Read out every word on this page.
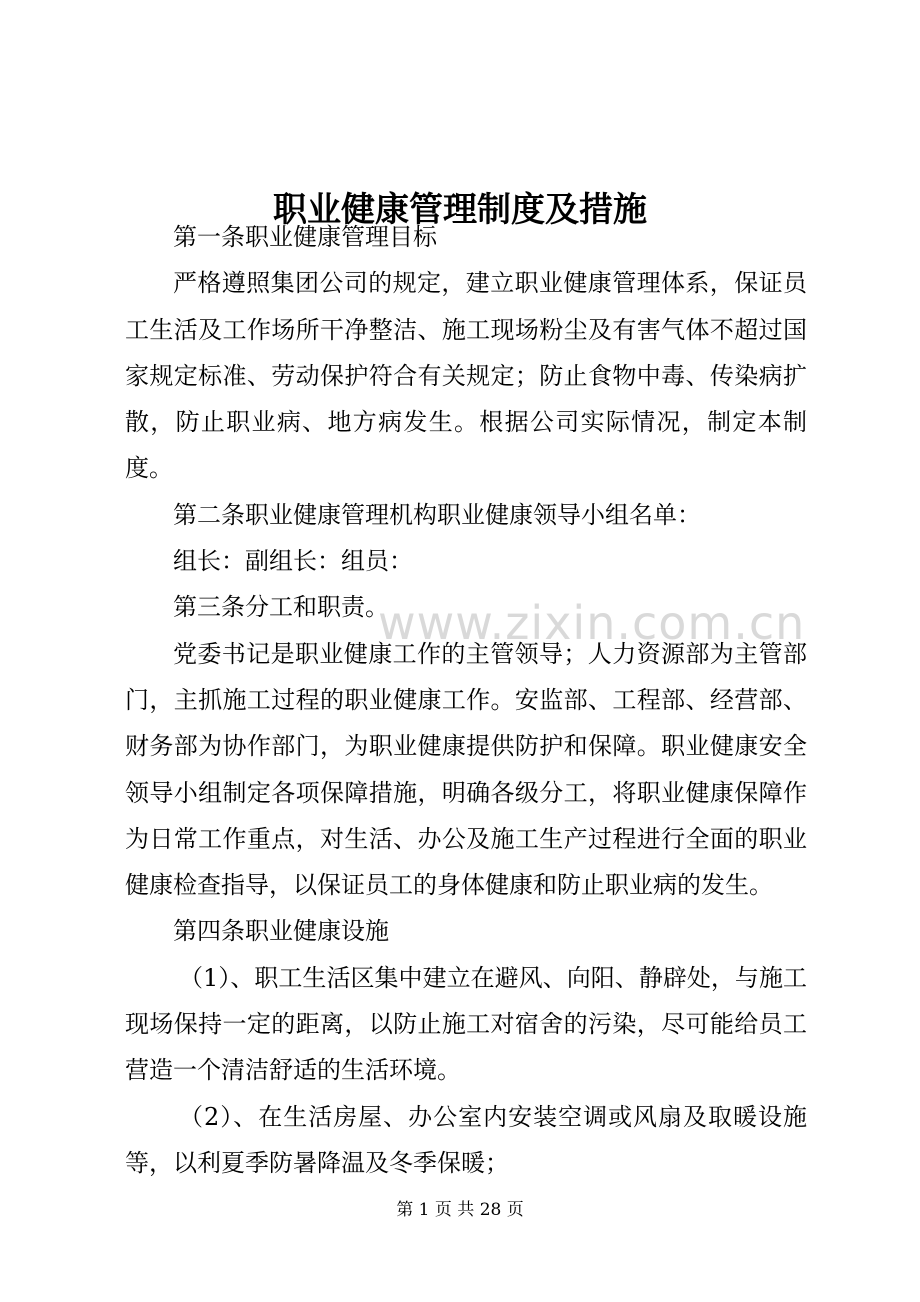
www.zixin.com.cn
职业健康管理制度及措施

第一条职业健康管理目标

严格遵照集团公司的规定，建立职业健康管理体系，保证员工生活及工作场所干净整洁、施工现场粉尘及有害气体不超过国家规定标准、劳动保护符合有关规定；防止食物中毒、传染病扩散，防止职业病、地方病发生。根据公司实际情况，制定本制度。

第二条职业健康管理机构职业健康领导小组名单：

组长：副组长：组员：

第三条分工和职责。

党委书记是职业健康工作的主管领导；人力资源部为主管部门，主抓施工过程的职业健康工作。安监部、工程部、经营部、财务部为协作部门，为职业健康提供防护和保障。职业健康安全领导小组制定各项保障措施，明确各级分工，将职业健康保障作为日常工作重点，对生活、办公及施工生产过程进行全面的职业健康检查指导，以保证员工的身体健康和防止职业病的发生。

第四条职业健康设施

（1）、职工生活区集中建立在避风、向阳、静辟处，与施工现场保持一定的距离，以防止施工对宿舍的污染，尽可能给员工营造一个清洁舒适的生活环境。

（2）、在生活房屋、办公室内安装空调或风扇及取暖设施等，以利夏季防暑降温及冬季保暖；

第 1 页 共 28 页
